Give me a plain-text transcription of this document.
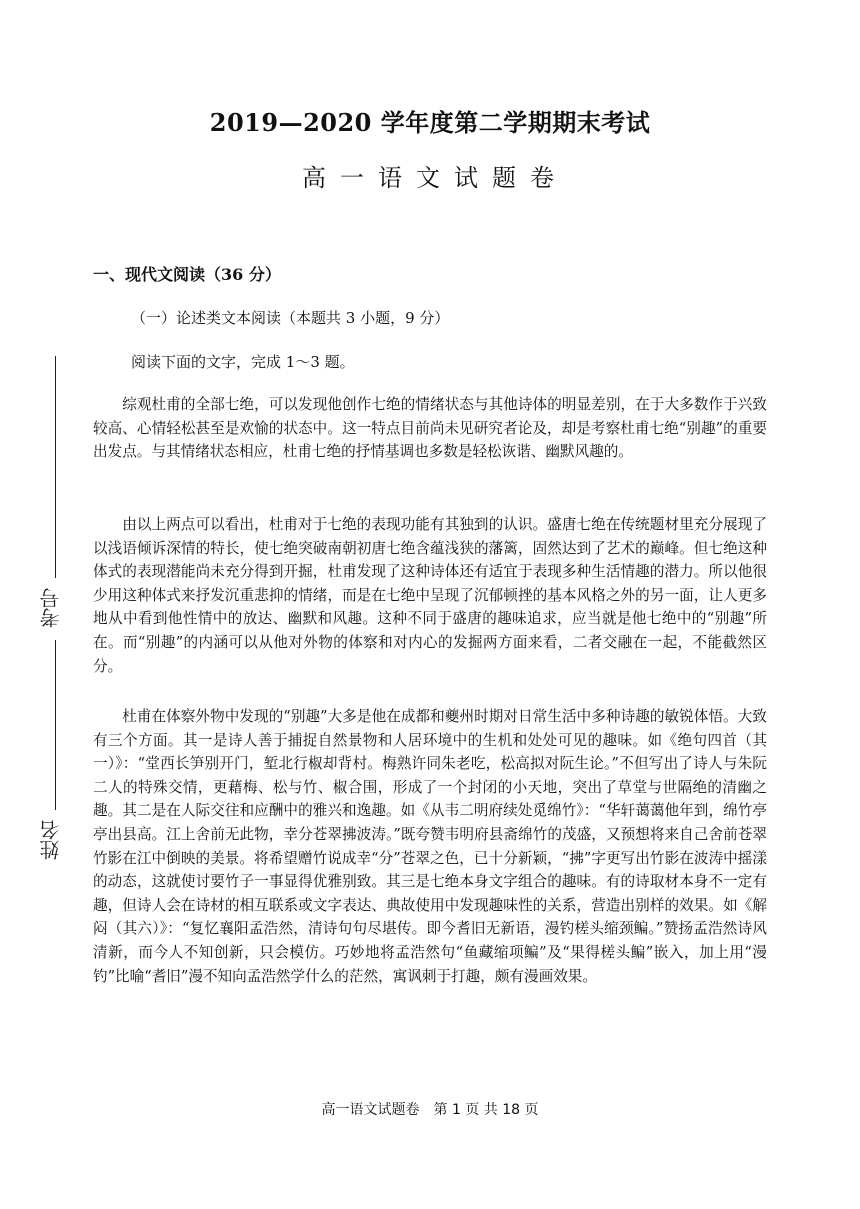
考号
姓名
2019—2020 学年度第二学期期末考试
高一语文试题卷
一、现代文阅读（36 分）
（一）论述类文本阅读（本题共 3 小题，9 分）
阅读下面的文字，完成 1～3 题。

综观杜甫的全部七绝，可以发现他创作七绝的情绪状态与其他诗体的明显差别，在于大多数作于兴致较高、心情轻松甚至是欢愉的状态中。这一特点目前尚未见研究者论及，却是考察杜甫七绝“别趣”的重要出发点。与其情绪状态相应，杜甫七绝的抒情基调也多数是轻松诙谐、幽默风趣的。

由以上两点可以看出，杜甫对于七绝的表现功能有其独到的认识。盛唐七绝在传统题材里充分展现了以浅语倾诉深情的特长，使七绝突破南朝初唐七绝含蕴浅狭的藩篱，固然达到了艺术的巅峰。但七绝这种体式的表现潜能尚未充分得到开掘，杜甫发现了这种诗体还有适宜于表现多种生活情趣的潜力。所以他很少用这种体式来抒发沉重悲抑的情绪，而是在七绝中呈现了沉郁顿挫的基本风格之外的另一面，让人更多地从中看到他性情中的放达、幽默和风趣。这种不同于盛唐的趣味追求，应当就是他七绝中的“别趣”所在。而“别趣”的内涵可以从他对外物的体察和对内心的发掘两方面来看，二者交融在一起，不能截然区分。

杜甫在体察外物中发现的“别趣”大多是他在成都和夔州时期对日常生活中多种诗趣的敏锐体悟。大致有三个方面。其一是诗人善于捕捉自然景物和人居环境中的生机和处处可见的趣味。如《绝句四首（其一）》：“堂西长笋别开门，堑北行椒却背村。梅熟许同朱老吃，松高拟对阮生论。”不但写出了诗人与朱阮二人的特殊交情，更藉梅、松与竹、椒合围，形成了一个封闭的小天地，突出了草堂与世隔绝的清幽之趣。其二是在人际交往和应酬中的雅兴和逸趣。如《从韦二明府续处觅绵竹》：“华轩蔼蔼他年到，绵竹亭亭出县高。江上舍前无此物，幸分苍翠拂波涛。”既夸赞韦明府县斋绵竹的茂盛，又预想将来自己舍前苍翠竹影在江中倒映的美景。将希望赠竹说成幸“分”苍翠之色，已十分新颖，“拂”字更写出竹影在波涛中摇漾的动态，这就使讨要竹子一事显得优雅别致。其三是七绝本身文字组合的趣味。有的诗取材本身不一定有趣，但诗人会在诗材的相互联系或文字表达、典故使用中发现趣味性的关系，营造出别样的效果。如《解闷（其六）》：“复忆襄阳孟浩然，清诗句句尽堪传。即今耆旧无新语，漫钓槎头缩颈鳊。”赞扬孟浩然诗风清新，而今人不知创新，只会模仿。巧妙地将孟浩然句“鱼藏缩项鳊”及“果得槎头鳊”嵌入，加上用“漫钓”比喻“耆旧”漫不知向孟浩然学什么的茫然，寓讽刺于打趣，颇有漫画效果。

高一语文试题卷　第 1 页 共 18 页
